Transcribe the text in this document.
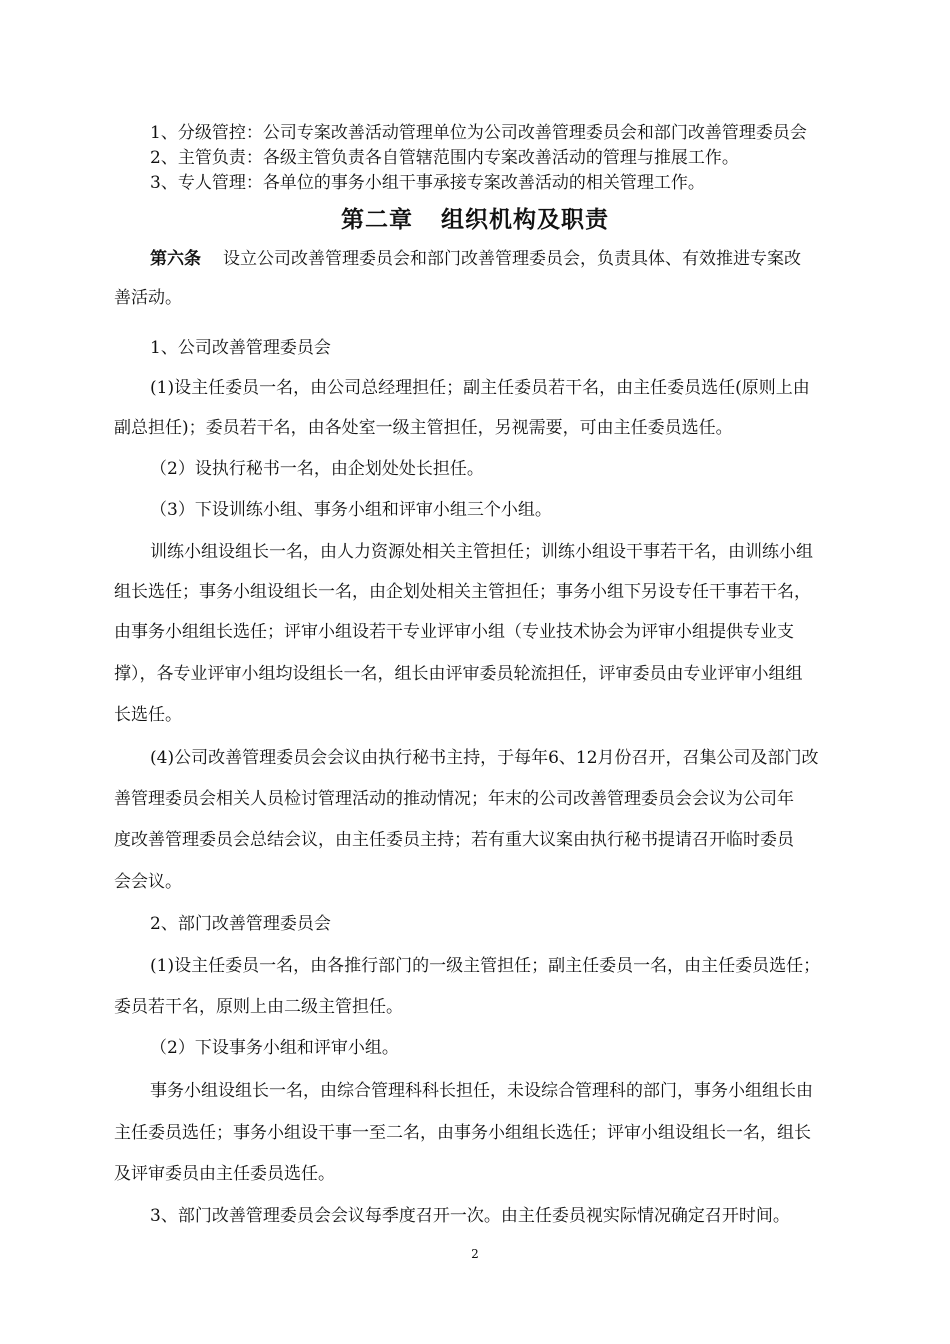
1、分级管控：公司专案改善活动管理单位为公司改善管理委员会和部门改善管理委员会
2、主管负责：各级主管负责各自管辖范围内专案改善活动的管理与推展工作。
3、专人管理：各单位的事务小组干事承接专案改善活动的相关管理工作。
第二章 组织机构及职责
第六条 设立公司改善管理委员会和部门改善管理委员会，负责具体、有效推进专案改
善活动。
1、公司改善管理委员会
(1)设主任委员一名，由公司总经理担任；副主任委员若干名，由主任委员选任(原则上由
副总担任)；委员若干名，由各处室一级主管担任，另视需要，可由主任委员选任。
（2）设执行秘书一名，由企划处处长担任。
（3）下设训练小组、事务小组和评审小组三个小组。
训练小组设组长一名，由人力资源处相关主管担任；训练小组设干事若干名，由训练小组
组长选任；事务小组设组长一名，由企划处相关主管担任；事务小组下另设专任干事若干名，
由事务小组组长选任；评审小组设若干专业评审小组（专业技术协会为评审小组提供专业支
撑），各专业评审小组均设组长一名，组长由评审委员轮流担任，评审委员由专业评审小组组
长选任。
(4)公司改善管理委员会会议由执行秘书主持，于每年6、12月份召开，召集公司及部门改
善管理委员会相关人员检讨管理活动的推动情况；年末的公司改善管理委员会会议为公司年
度改善管理委员会总结会议，由主任委员主持；若有重大议案由执行秘书提请召开临时委员
会会议。
2、部门改善管理委员会
(1)设主任委员一名，由各推行部门的一级主管担任；副主任委员一名，由主任委员选任；
委员若干名，原则上由二级主管担任。
（2）下设事务小组和评审小组。
事务小组设组长一名，由综合管理科科长担任，未设综合管理科的部门，事务小组组长由
主任委员选任；事务小组设干事一至二名，由事务小组组长选任；评审小组设组长一名，组长
及评审委员由主任委员选任。
3、部门改善管理委员会会议每季度召开一次。由主任委员视实际情况确定召开时间。
2
